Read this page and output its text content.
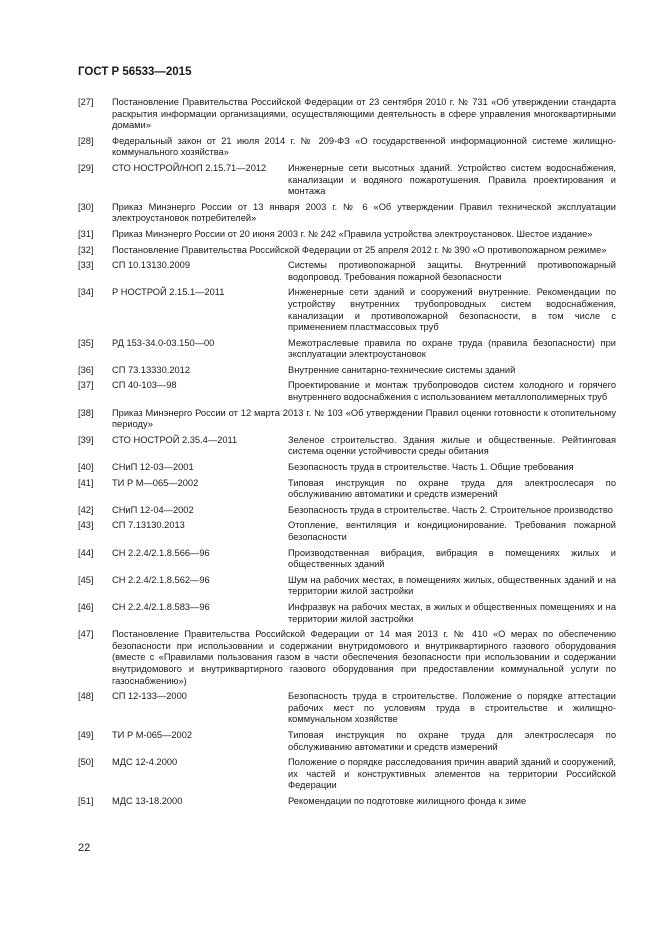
ГОСТ Р 56533—2015
[27] Постановление Правительства Российской Федерации от 23 сентября 2010 г. № 731 «Об утверждении стандарта раскрытия информации организациями, осуществляющими деятельность в сфере управления многоквартирными домами»
[28] Федеральный закон от 21 июля 2014 г. № 209-ФЗ «О государственной информационной системе жилищно-коммунального хозяйства»
[29] СТО НОСТРОЙ/НОП 2.15.71—2012	Инженерные сети высотных зданий. Устройство систем водоснабжения, канализации и водяного пожаротушения. Правила проектирования и монтажа
[30] Приказ Минэнерго России от 13 января 2003 г. № 6 «Об утверждении Правил технической эксплуатации электроустановок потребителей»
[31] Приказ Минэнерго России от 20 июня 2003 г. № 242 «Правила устройства электроустановок. Шестое издание»
[32] Постановление Правительства Российской Федерации от 25 апреля 2012 г. № 390 «О противопожарном режиме»
[33] СП 10.13130.2009	Системы противопожарной защиты. Внутренний противопожарный водопровод. Требования пожарной безопасности
[34] Р НОСТРОЙ 2.15.1—2011	Инженерные сети зданий и сооружений внутренние. Рекомендации по устройству внутренних трубопроводных систем водоснабжения, канализации и противопожарной безопасности, в том числе с применением пластмассовых труб
[35] РД 153-34.0-03.150—00	Межотраслевые правила по охране труда (правила безопасности) при эксплуатации электроустановок
[36] СП 73.13330.2012	Внутренние санитарно-технические системы зданий
[37] СП 40-103—98	Проектирование и монтаж трубопроводов систем холодного и горячего внутреннего водоснабжения с использованием металлополимерных труб
[38] Приказ Минэнерго России от 12 марта 2013 г. № 103 «Об утверждении Правил оценки готовности к отопительному периоду»
[39] СТО НОСТРОЙ 2.35.4—2011	Зеленое строительство. Здания жилые и общественные. Рейтинговая система оценки устойчивости среды обитания
[40] СНиП 12-03—2001	Безопасность труда в строительстве. Часть 1. Общие требования
[41] ТИ Р М—065—2002	Типовая инструкция по охране труда для электрослесаря по обслуживанию автоматики и средств измерений
[42] СНиП 12-04—2002	Безопасность труда в строительстве. Часть 2. Строительное производство
[43] СП 7.13130.2013	Отопление, вентиляция и кондиционирование. Требования пожарной безопасности
[44] СН 2.2.4/2.1.8.566—96	Производственная вибрация, вибрация в помещениях жилых и общественных зданий
[45] СН 2.2.4/2.1.8.562—96	Шум на рабочих местах, в помещениях жилых, общественных зданий и на территории жилой застройки
[46] СН 2.2.4/2.1.8.583—96	Инфразвук на рабочих местах, в жилых и общественных помещениях и на территории жилой застройки
[47] Постановление Правительства Российской Федерации от 14 мая 2013 г. № 410 «О мерах по обеспечению безопасности при использовании и содержании внутридомового и внутриквартирного газового оборудования (вместе с «Правилами пользования газом в части обеспечения безопасности при использовании и содержании внутридомового и внутриквартирного газового оборудования при предоставлении коммунальной услуги по газоснабжению»)
[48] СП 12-133—2000	Безопасность труда в строительстве. Положение о порядке аттестации рабочих мест по условиям труда в строительстве и жилищно-коммунальном хозяйстве
[49] ТИ Р М-065—2002	Типовая инструкция по охране труда для электрослесаря по обслуживанию автоматики и средств измерений
[50] МДС 12-4.2000	Положение о порядке расследования причин аварий зданий и сооружений, их частей и конструктивных элементов на территории Российской Федерации
[51] МДС 13-18.2000	Рекомендации по подготовке жилищного фонда к зиме
22
